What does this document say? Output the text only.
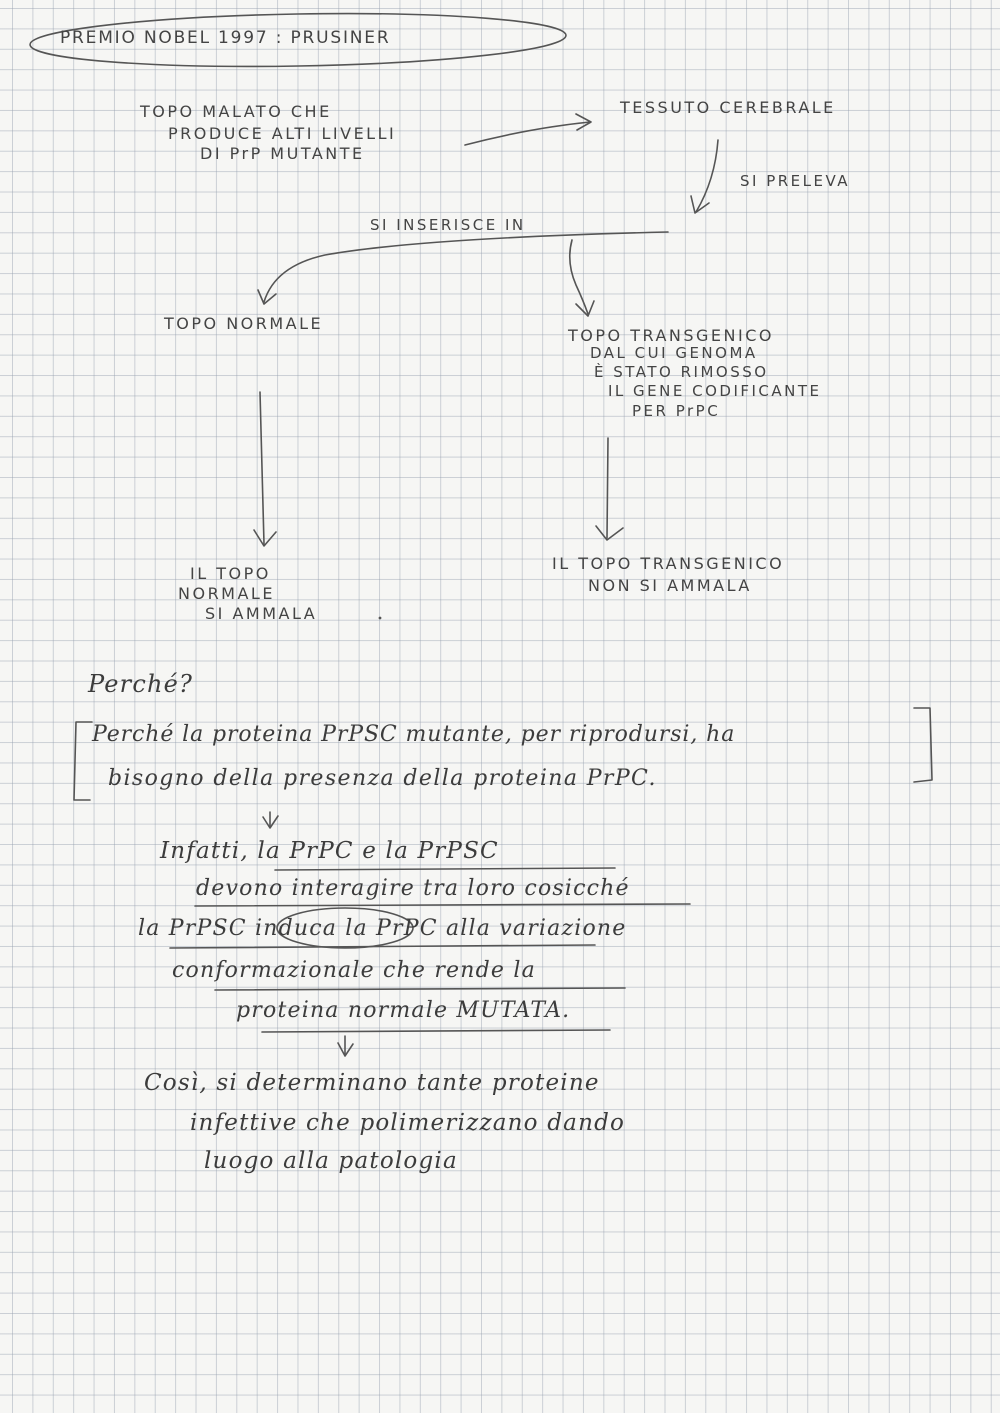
PREMIO NOBEL 1997 : PRUSINER

TOPO MALATO CHE

PRODUCE ALTI LIVELLI

DI PrP MUTANTE

TESSUTO CEREBRALE

SI PRELEVA

SI INSERISCE IN

TOPO NORMALE

TOPO TRANSGENICO

DAL CUI GENOMA

È STATO RIMOSSO

IL GENE CODIFICANTE

PER PrPC

IL TOPO

NORMALE

SI AMMALA

IL TOPO TRANSGENICO

NON SI AMMALA

Perché?

Perché la proteina PrPSC mutante, per riprodursi, ha

bisogno della presenza della proteina PrPC.

Infatti, la PrPC e la PrPSC

devono interagire tra loro cosicché

la PrPSC induca la PrPC alla variazione

conformazionale che rende la

proteina normale MUTATA.

Così, si determinano tante proteine

infettive che polimerizzano dando

luogo alla patologia
